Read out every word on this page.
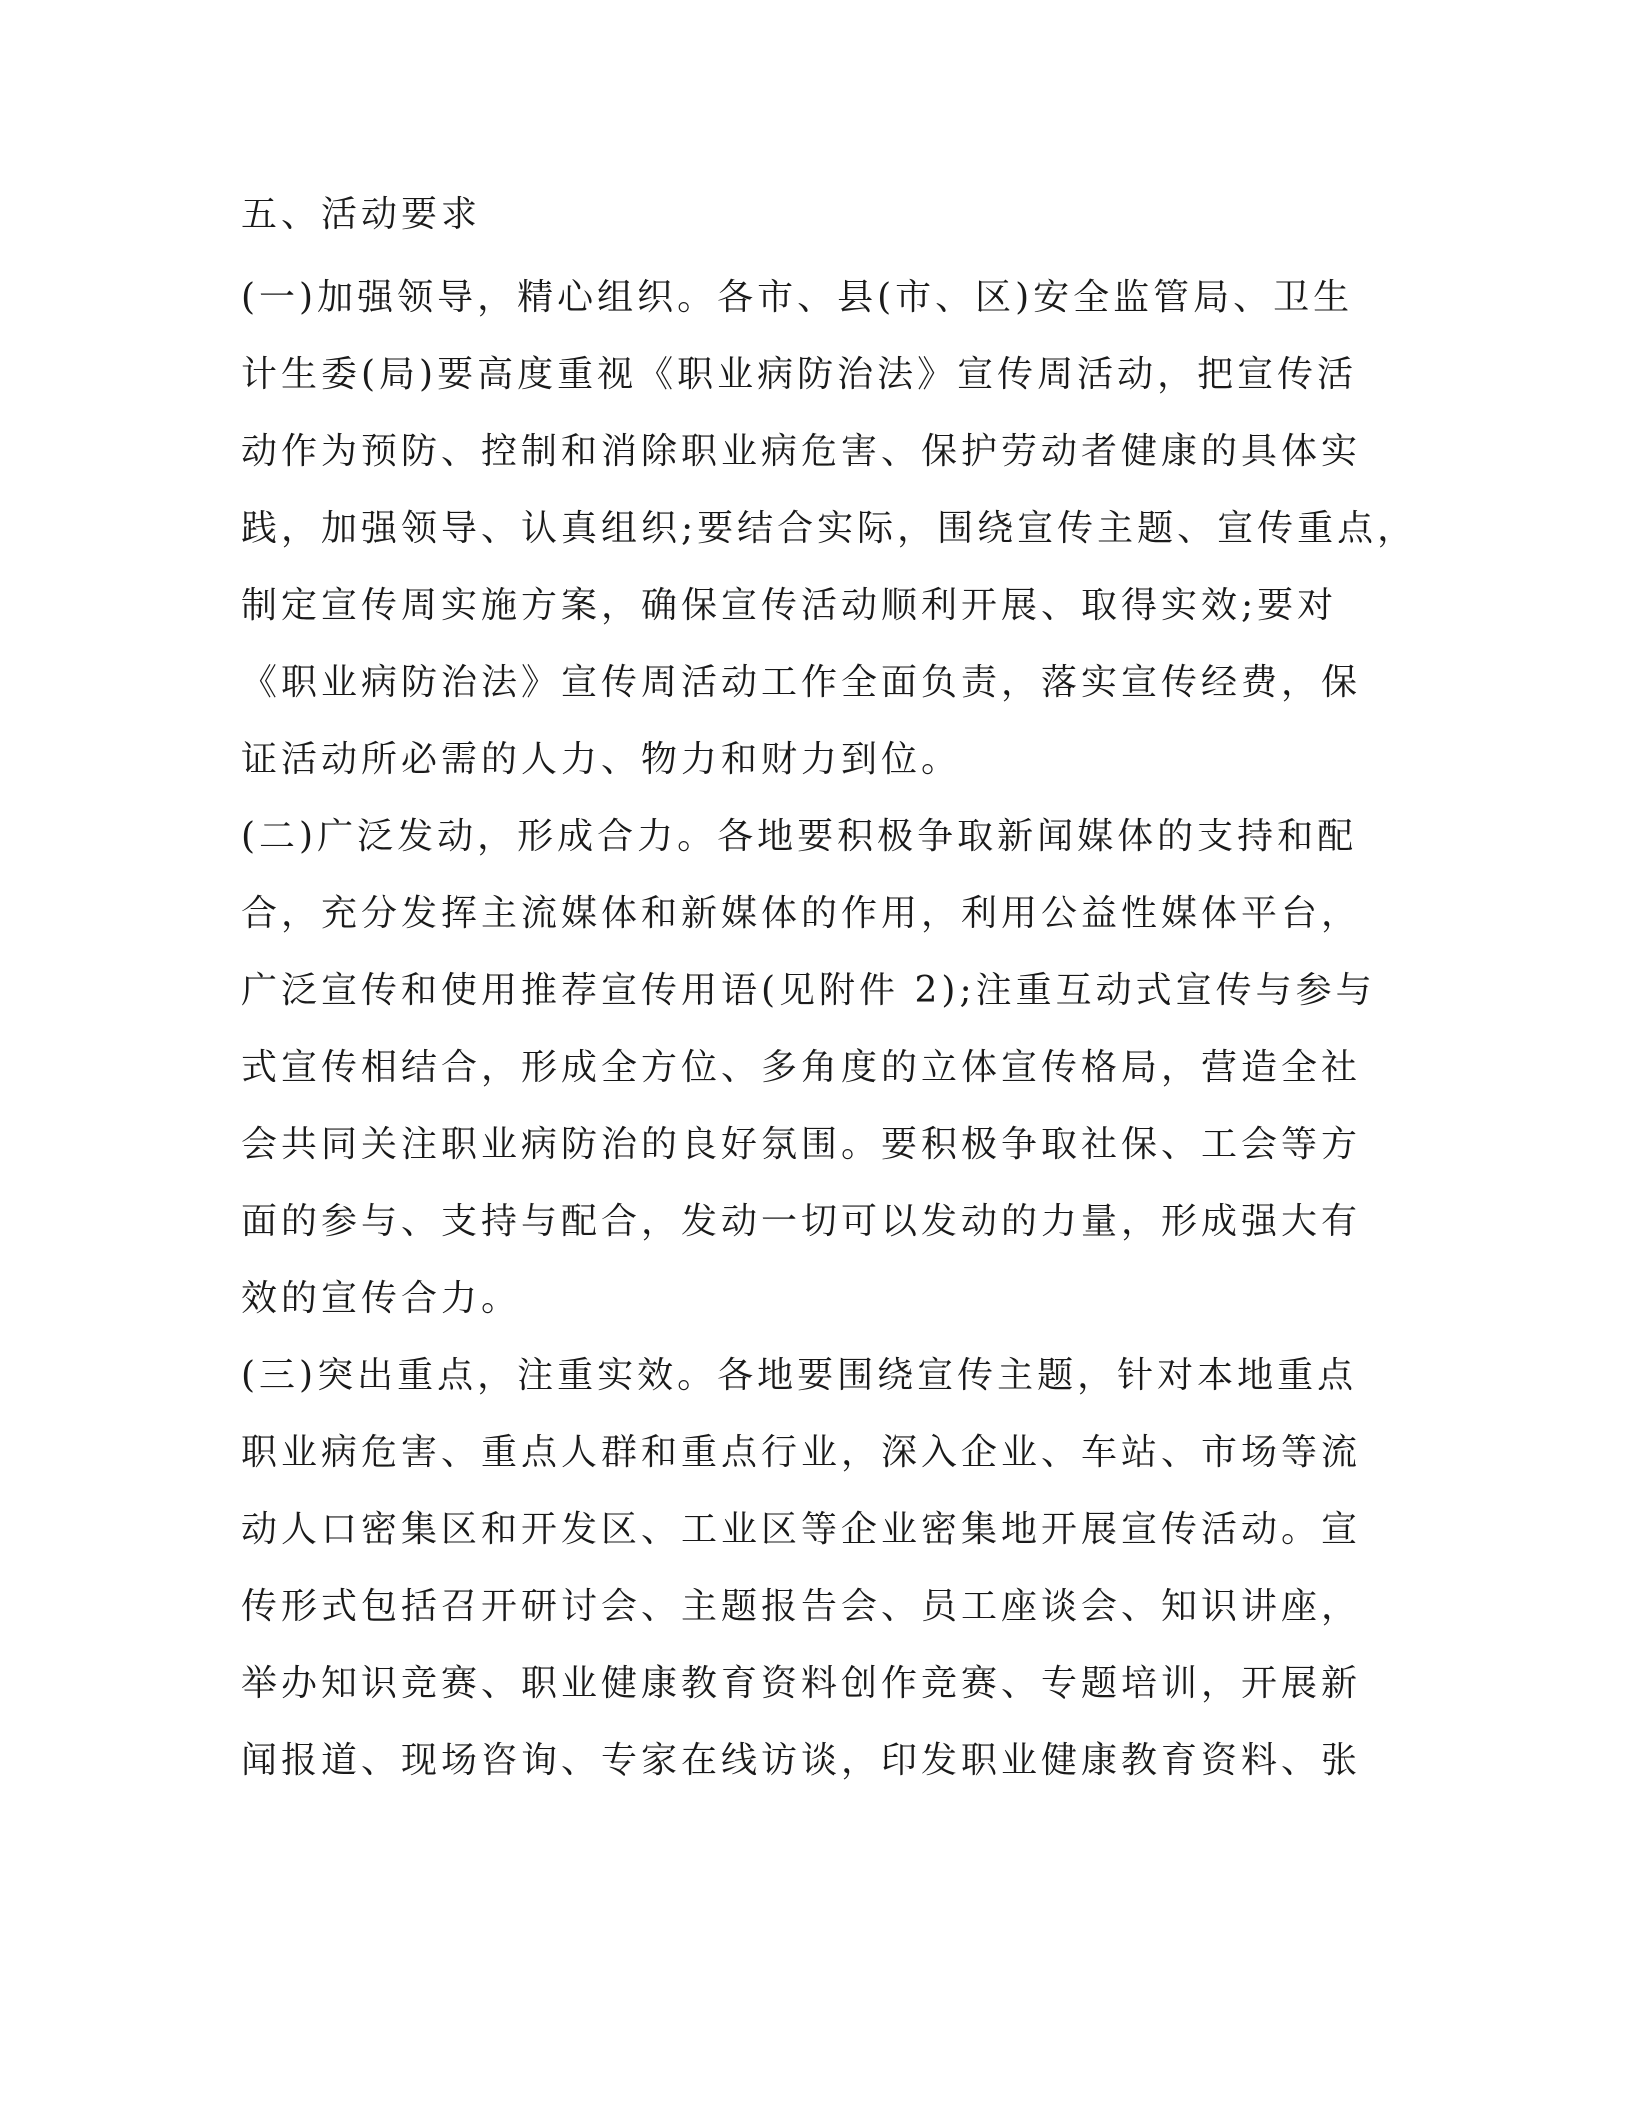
五、活动要求
(一)加强领导，精心组织。各市、县(市、区)安全监管局、卫生
计生委(局)要高度重视《职业病防治法》宣传周活动，把宣传活
动作为预防、控制和消除职业病危害、保护劳动者健康的具体实
践，加强领导、认真组织;要结合实际，围绕宣传主题、宣传重点，
制定宣传周实施方案，确保宣传活动顺利开展、取得实效;要对
《职业病防治法》宣传周活动工作全面负责，落实宣传经费，保
证活动所必需的人力、物力和财力到位。
(二)广泛发动，形成合力。各地要积极争取新闻媒体的支持和配
合，充分发挥主流媒体和新媒体的作用，利用公益性媒体平台，
广泛宣传和使用推荐宣传用语(见附件 2);注重互动式宣传与参与
式宣传相结合，形成全方位、多角度的立体宣传格局，营造全社
会共同关注职业病防治的良好氛围。要积极争取社保、工会等方
面的参与、支持与配合，发动一切可以发动的力量，形成强大有
效的宣传合力。
(三)突出重点，注重实效。各地要围绕宣传主题，针对本地重点
职业病危害、重点人群和重点行业，深入企业、车站、市场等流
动人口密集区和开发区、工业区等企业密集地开展宣传活动。宣
传形式包括召开研讨会、主题报告会、员工座谈会、知识讲座，
举办知识竞赛、职业健康教育资料创作竞赛、专题培训，开展新
闻报道、现场咨询、专家在线访谈，印发职业健康教育资料、张
